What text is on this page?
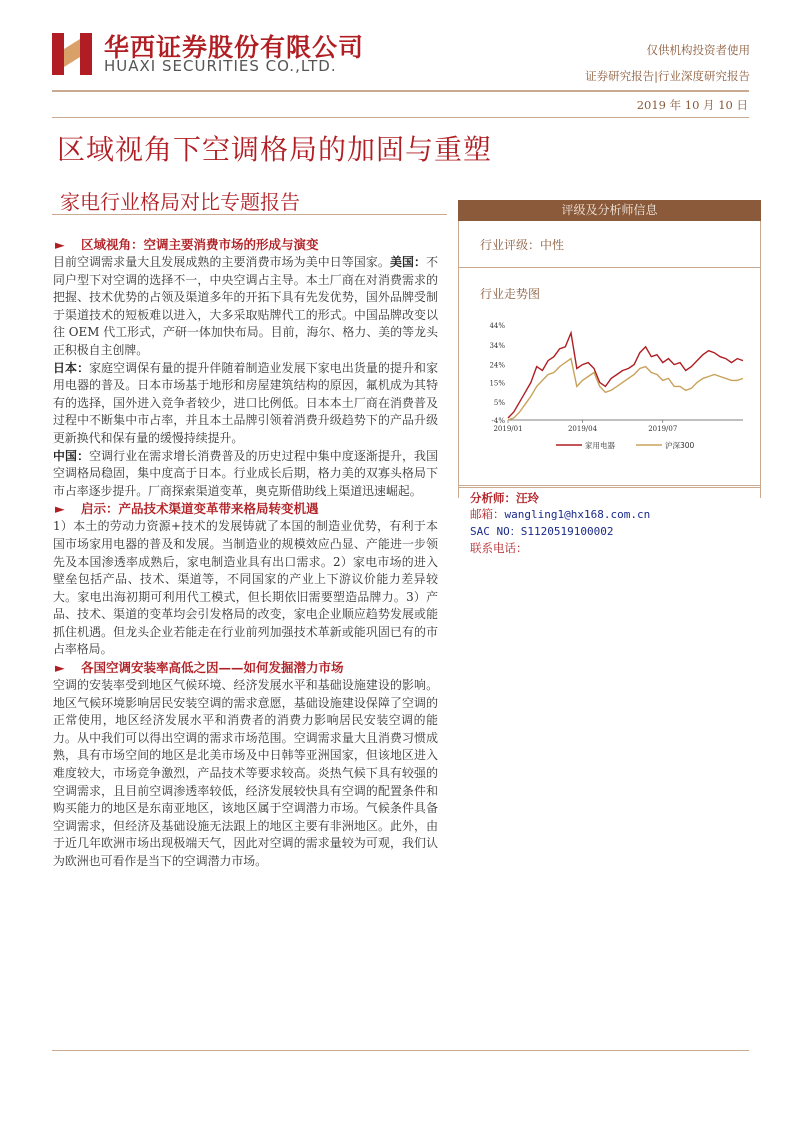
华西证券股份有限公司
HUAXI SECURITIES CO.,LTD.
仅供机构投资者使用
证券研究报告|行业深度研究报告
2019 年 10 月 10 日
区域视角下空调格局的加固与重塑
家电行业格局对比专题报告
► 区域视角：空调主要消费市场的形成与演变

目前空调需求量大且发展成熟的主要消费市场为美中日等国家。美国：不同户型下对空调的选择不一，中央空调占主导。本土厂商在对消费需求的把握、技术优势的占领及渠道多年的开拓下具有先发优势，国外品牌受制于渠道技术的短板难以进入，大多采取贴牌代工的形式。中国品牌改变以往 OEM 代工形式，产研一体加快布局。目前，海尔、格力、美的等龙头正积极自主创牌。

日本：家庭空调保有量的提升伴随着制造业发展下家电出货量的提升和家用电器的普及。日本市场基于地形和房屋建筑结构的原因，氟机成为其特有的选择，国外进入竞争者较少，进口比例低。日本本土厂商在消费普及过程中不断集中市占率，并且本土品牌引领着消费升级趋势下的产品升级更新换代和保有量的缓慢持续提升。

中国：空调行业在需求增长消费普及的历史过程中集中度逐渐提升，我国空调格局稳固，集中度高于日本。行业成长后期，格力美的双寡头格局下市占率逐步提升。厂商探索渠道变革，奥克斯借助线上渠道迅速崛起。

► 启示：产品技术渠道变革带来格局转变机遇

1）本土的劳动力资源+技术的发展铸就了本国的制造业优势，有利于本国市场家用电器的普及和发展。当制造业的规模效应凸显、产能进一步领先及本国渗透率成熟后，家电制造业具有出口需求。2）家电市场的进入壁垒包括产品、技术、渠道等，不同国家的产业上下游议价能力差异较大。家电出海初期可利用代工模式，但长期依旧需要塑造品牌力。3）产品、技术、渠道的变革均会引发格局的改变，家电企业顺应趋势发展或能抓住机遇。但龙头企业若能走在行业前列加强技术革新或能巩固已有的市占率格局。

► 各国空调安装率高低之因——如何发掘潜力市场

空调的安装率受到地区气候环境、经济发展水平和基础设施建设的影响。地区气候环境影响居民安装空调的需求意愿，基础设施建设保障了空调的正常使用，地区经济发展水平和消费者的消费力影响居民安装空调的能力。从中我们可以得出空调的需求市场范围。空调需求量大且消费习惯成熟，具有市场空间的地区是北美市场及中日韩等亚洲国家，但该地区进入难度较大，市场竞争激烈，产品技术等要求较高。炎热气候下具有较强的空调需求，且目前空调渗透率较低，经济发展较快具有空调的配置条件和购买能力的地区是东南亚地区，该地区属于空调潜力市场。气候条件具备空调需求，但经济及基础设施无法跟上的地区主要有非洲地区。此外，由于近几年欧洲市场出现极端天气，因此对空调的需求量较为可观，我们认为欧洲也可看作是当下的空调潜力市场。

评级及分析师信息
行业评级：中性
行业走势图
44%
34%
24%
15%
5%
-4%
2019/01	2019/04	2019/07
家用电器	沪深300
分析师：汪玲
邮箱：wangling1@hx168.com.cn
SAC NO：S1120519100002
联系电话：
